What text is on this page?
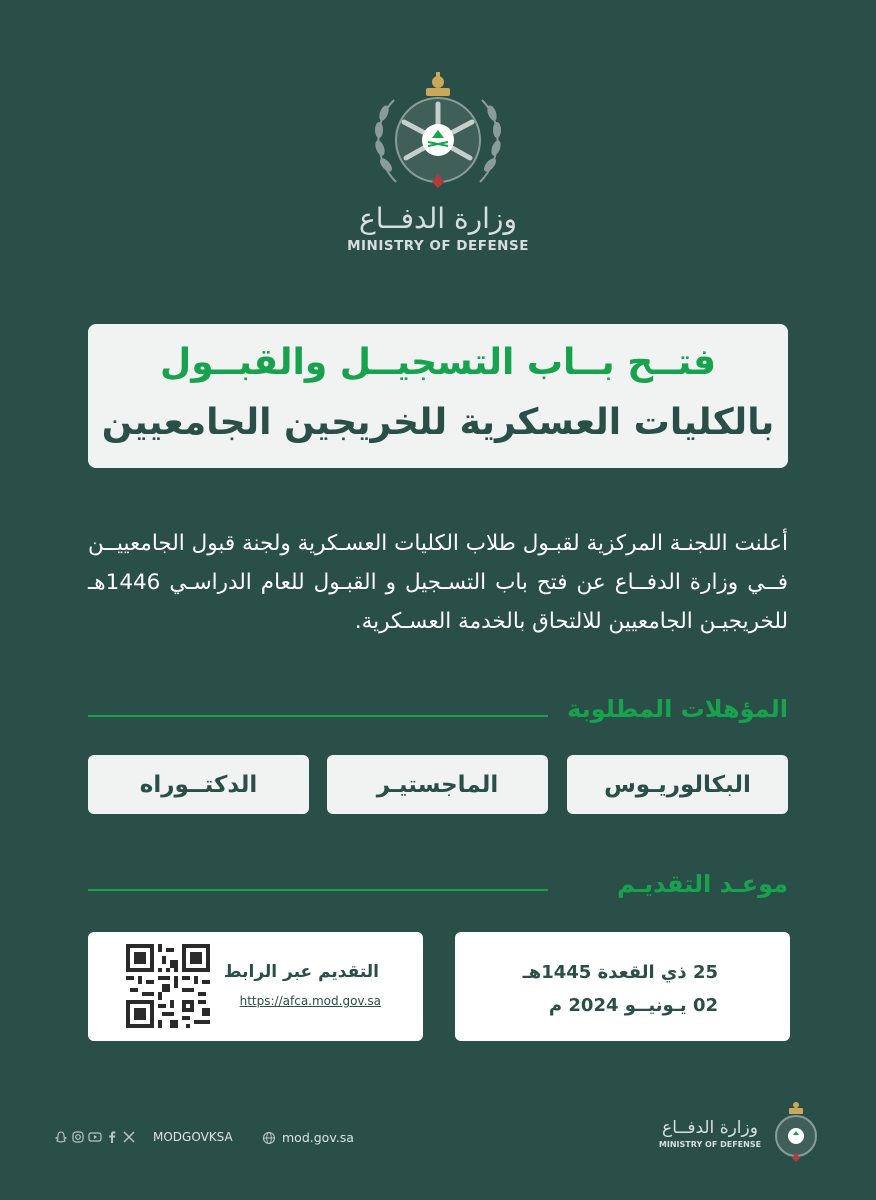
وزارة الدفــاع
MINISTRY OF DEFENSE
فتــح بــاب التسجيــل والقبــول
بالكليات العسكرية للخريجين الجامعيين
أعلنت اللجنـة المركزية لقبـول طلاب الكليات العسـكرية ولجنة قبول الجامعييــن فــي وزارة الدفــاع عن فتح باب التسـجيل و القبـول للعام الدراسـي 1446هـ للخريجيـن الجامعيين للالتحاق بالخدمة العسـكرية.
المؤهلات المطلوبة
البكالوريـوس
الماجستيـر
الدكتــوراه
موعـد التقديـم
25 ذي القعدة 1445هـ
02 يـونيــو 2024 م
التقديم عبر الرابط
https://afca.mod.gov.sa
MODGOVKSA	mod.gov.sa	وزارة الدفــاع
MINISTRY OF DEFENSE
